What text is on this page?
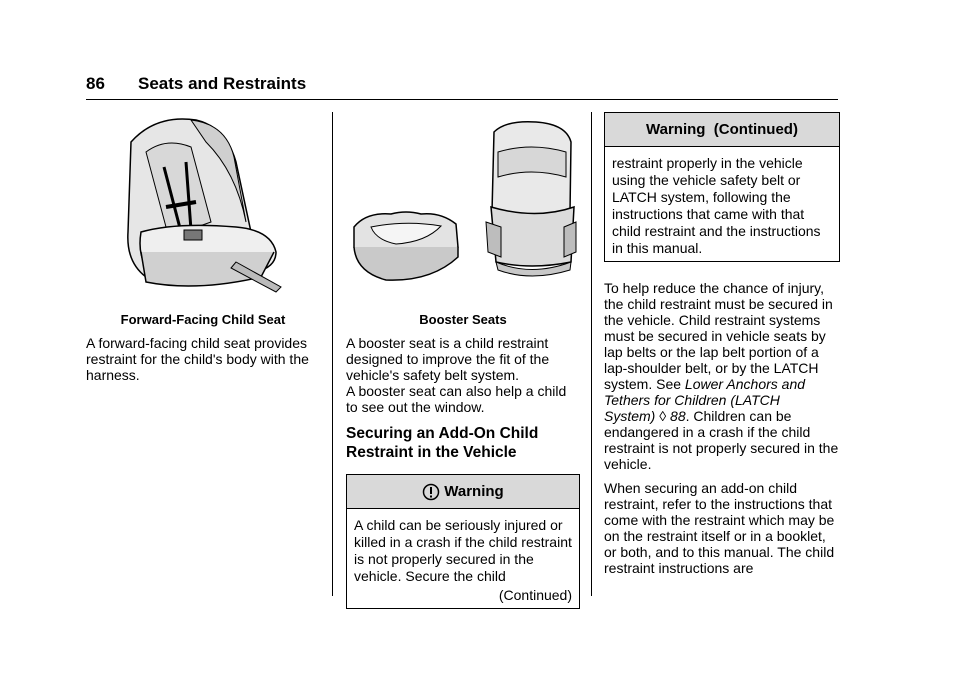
86 Seats and Restraints
Forward-Facing Child Seat

A forward-facing child seat provides restraint for the child's body with the harness.

Booster Seats

A booster seat is a child restraint designed to improve the fit of the vehicle's safety belt system.

A booster seat can also help a child to see out the window.

Securing an Add-On Child Restraint in the Vehicle
Warning
A child can be seriously injured or killed in a crash if the child restraint is not properly secured in the vehicle. Secure the child
(Continued)
Warning  (Continued)
restraint properly in the vehicle using the vehicle safety belt or LATCH system, following the instructions that came with that child restraint and the instructions in this manual.

To help reduce the chance of injury, the child restraint must be secured in the vehicle. Child restraint systems must be secured in vehicle seats by lap belts or the lap belt portion of a lap-shoulder belt, or by the LATCH system. See Lower Anchors and Tethers for Children (LATCH System) ◊ 88. Children can be endangered in a crash if the child restraint is not properly secured in the vehicle.

When securing an add-on child restraint, refer to the instructions that come with the restraint which may be on the restraint itself or in a booklet, or both, and to this manual. The child restraint instructions are
